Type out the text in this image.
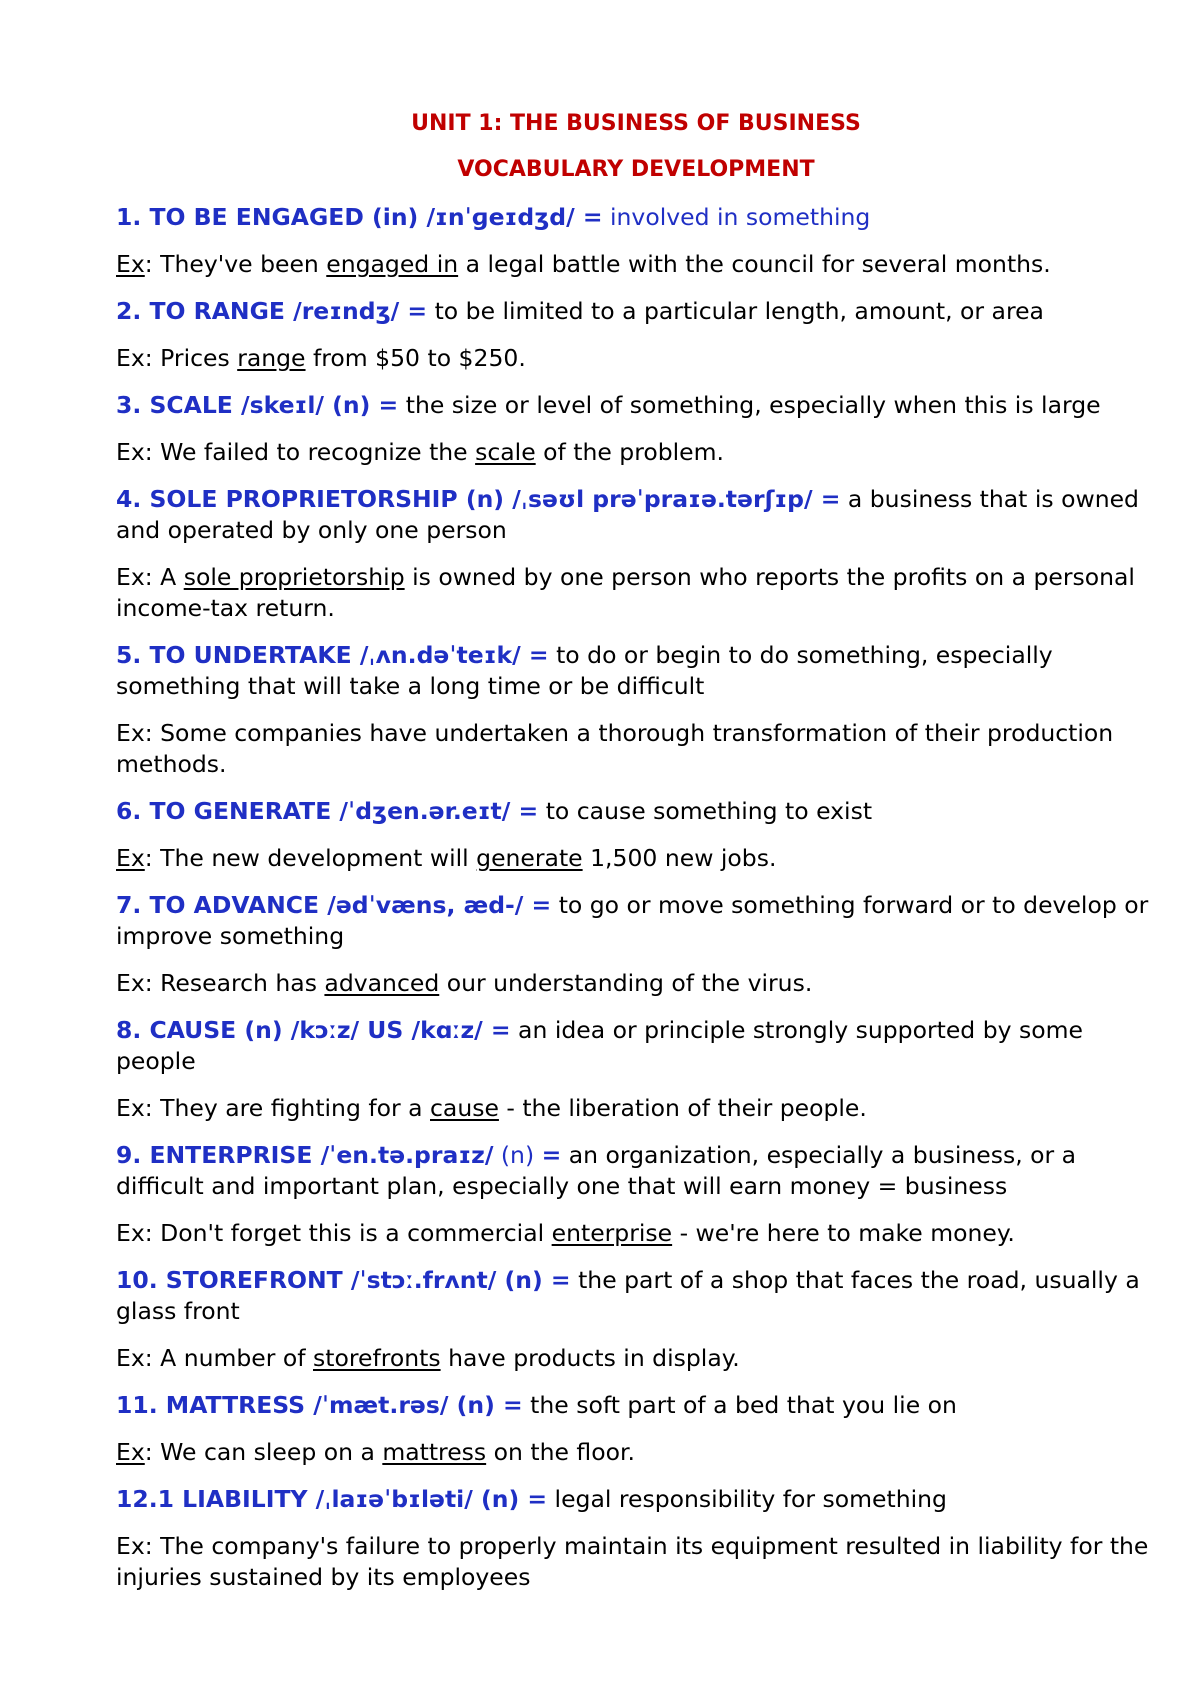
UNIT 1: THE BUSINESS OF BUSINESS
VOCABULARY DEVELOPMENT
1. TO BE ENGAGED (in) /ɪnˈɡeɪdʒd/ = involved in something
Ex: They've been engaged in a legal battle with the council for several months.
2. TO RANGE /reɪndʒ/ = to be limited to a particular length, amount, or area
Ex: Prices range from $50 to $250.
3. SCALE /skeɪl/ (n) = the size or level of something, especially when this is large
Ex: We failed to recognize the scale of the problem.
4. SOLE PROPRIETORSHIP (n) /ˌsəʊl prəˈpraɪə.tərʃɪp/ = a business that is owned and operated by only one person
Ex: A sole proprietorship is owned by one person who reports the profits on a personal income-tax return.
5. TO UNDERTAKE /ˌʌn.dəˈteɪk/ = to do or begin to do something, especially something that will take a long time or be difficult
Ex: Some companies have undertaken a thorough transformation of their production methods.
6. TO GENERATE /ˈdʒen.ər.eɪt/ = to cause something to exist
Ex: The new development will generate 1,500 new jobs.
7. TO ADVANCE /ədˈvæns, æd-/ = to go or move something forward or to develop or improve something
Ex: Research has advanced our understanding of the virus.
8. CAUSE (n) /kɔːz/ US /kɑːz/ = an idea or principle strongly supported by some people
Ex: They are fighting for a cause - the liberation of their people.
9. ENTERPRISE /ˈen.tə.praɪz/ (n) = an organization, especially a business, or a difficult and important plan, especially one that will earn money = business
Ex: Don't forget this is a commercial enterprise - we're here to make money.
10. STOREFRONT /ˈstɔː.frʌnt/ (n) = the part of a shop that faces the road, usually a glass front
Ex: A number of storefronts have products in display.
11. MATTRESS /ˈmæt.rəs/ (n) = the soft part of a bed that you lie on
Ex: We can sleep on a mattress on the floor.
12.1 LIABILITY /ˌlaɪəˈbɪləti/ (n) = legal responsibility for something
Ex: The company's failure to properly maintain its equipment resulted in liability for the injuries sustained by its employees
